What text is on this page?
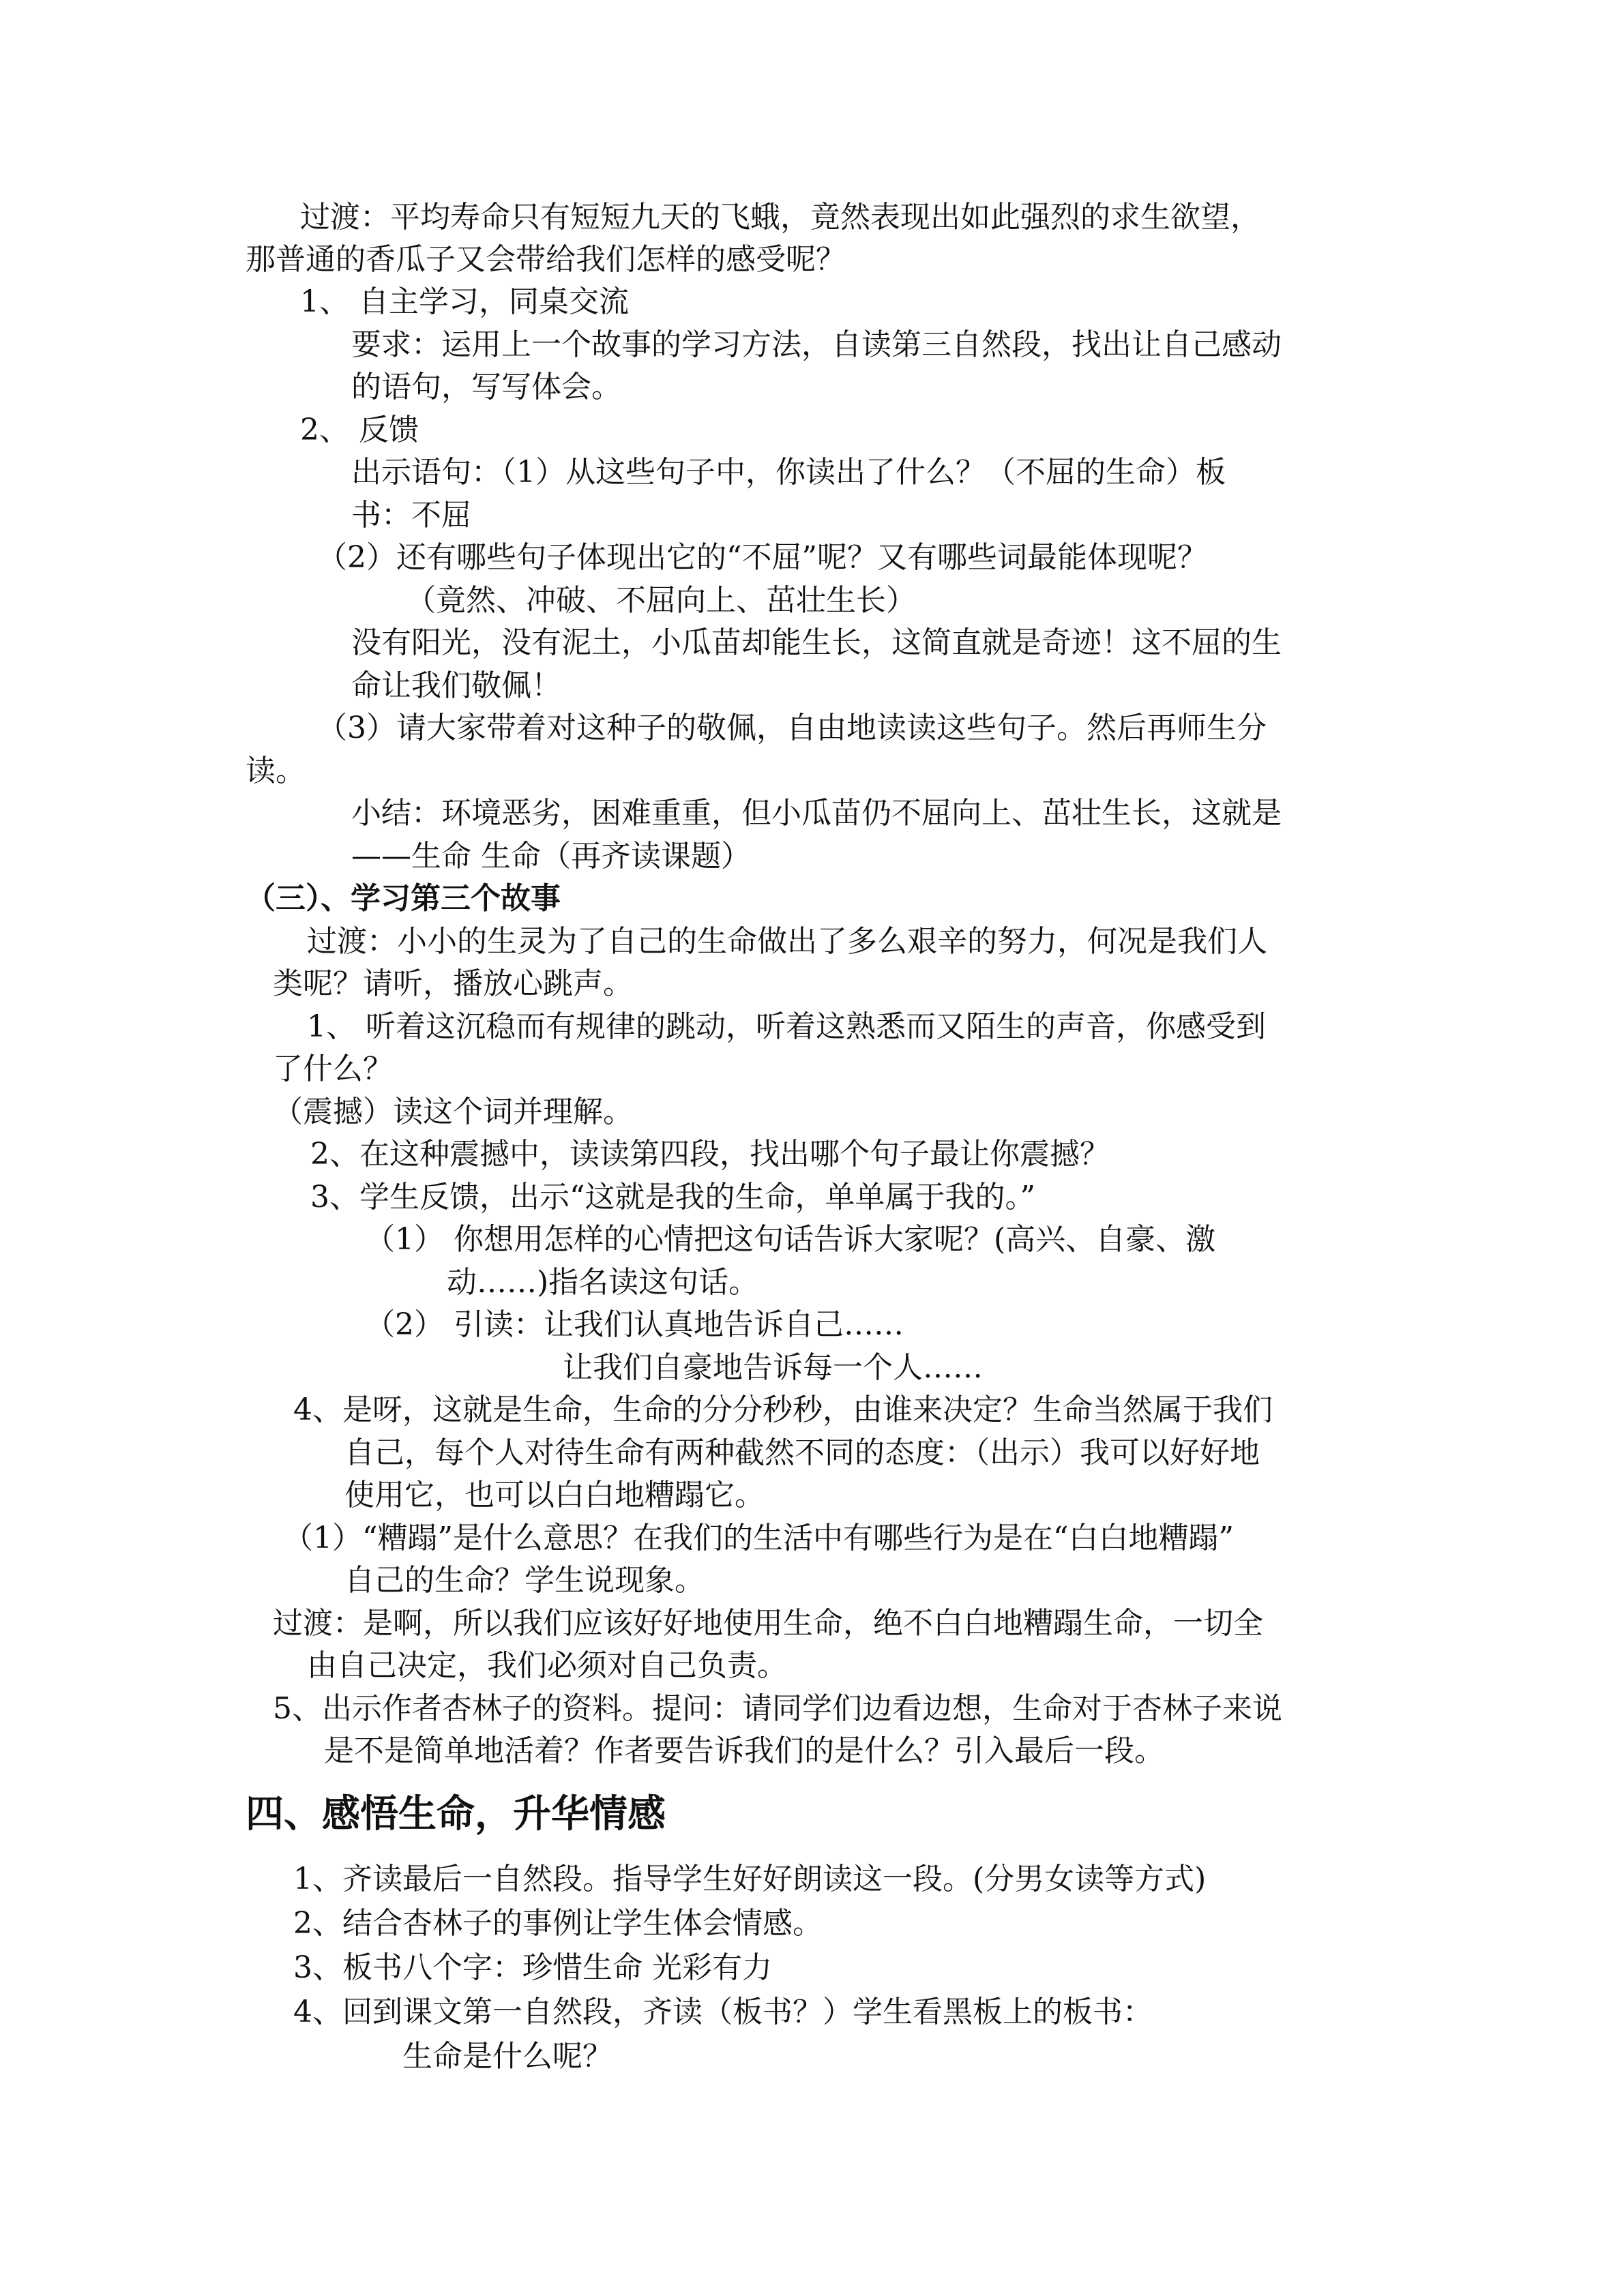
过渡：平均寿命只有短短九天的飞蛾，竟然表现出如此强烈的求生欲望，
那普通的香瓜子又会带给我们怎样的感受呢？
1、 自主学习，同桌交流
要求：运用上一个故事的学习方法，自读第三自然段，找出让自己感动
的语句，写写体会。
2、 反馈
出示语句：（1）从这些句子中，你读出了什么？（不屈的生命）板
书：不屈
（2）还有哪些句子体现出它的“不屈”呢？又有哪些词最能体现呢？
（竟然、冲破、不屈向上、茁壮生长）
没有阳光，没有泥土，小瓜苗却能生长，这简直就是奇迹！这不屈的生
命让我们敬佩！
（3）请大家带着对这种子的敬佩，自由地读读这些句子。然后再师生分
读。
小结：环境恶劣，困难重重，但小瓜苗仍不屈向上、茁壮生长，这就是
——生命 生命（再齐读课题）
（三）、学习第三个故事
过渡：小小的生灵为了自己的生命做出了多么艰辛的努力，何况是我们人
类呢？请听，播放心跳声。
1、 听着这沉稳而有规律的跳动，听着这熟悉而又陌生的声音，你感受到
了什么？
（震撼）读这个词并理解。
2、在这种震撼中，读读第四段，找出哪个句子最让你震撼？
3、学生反馈，出示“这就是我的生命，单单属于我的。”
（1） 你想用怎样的心情把这句话告诉大家呢？(高兴、自豪、激
动……)指名读这句话。
（2） 引读：让我们认真地告诉自己……
让我们自豪地告诉每一个人……
4、是呀，这就是生命，生命的分分秒秒，由谁来决定？生命当然属于我们
自己，每个人对待生命有两种截然不同的态度：（出示）我可以好好地
使用它，也可以白白地糟蹋它。
（1）“糟蹋”是什么意思？在我们的生活中有哪些行为是在“白白地糟蹋”
自己的生命？学生说现象。
过渡：是啊，所以我们应该好好地使用生命，绝不白白地糟蹋生命，一切全
由自己决定，我们必须对自己负责。
5、出示作者杏林子的资料。提问：请同学们边看边想，生命对于杏林子来说
是不是简单地活着？作者要告诉我们的是什么？引入最后一段。
四、感悟生命，升华情感
1、齐读最后一自然段。指导学生好好朗读这一段。(分男女读等方式)
2、结合杏林子的事例让学生体会情感。
3、板书八个字：珍惜生命 光彩有力
4、回到课文第一自然段，齐读（板书？）学生看黑板上的板书：
生命是什么呢？
